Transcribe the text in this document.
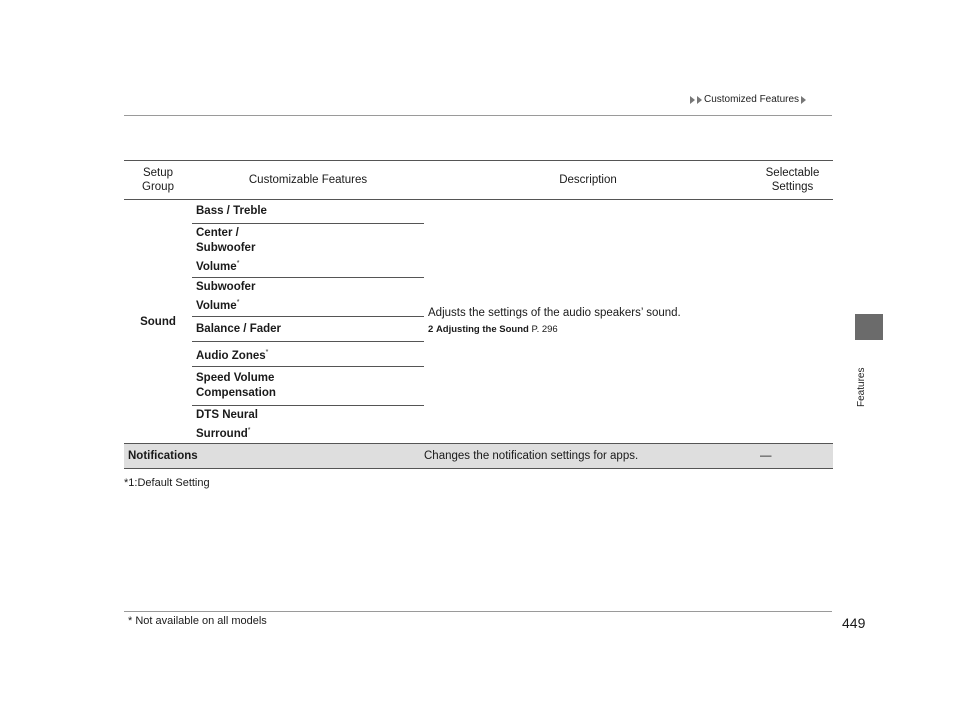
Customized Features
Features
Setup
Group	Customizable Features	Description	Selectable Settings
Sound	Bass / Treble	Adjusts the settings of the audio speakers’ sound.
2 Adjusting the Sound P. 296	

	Center /
Subwoofer
Volume*
	Subwoofer
Volume*
	Balance / Fader		
	Audio Zones*
	Speed Volume
Compensation		
	DTS Neural
Surround*
Notifications		Changes the notification settings for apps.	—
*1:Default Setting
* Not available on all models	449
